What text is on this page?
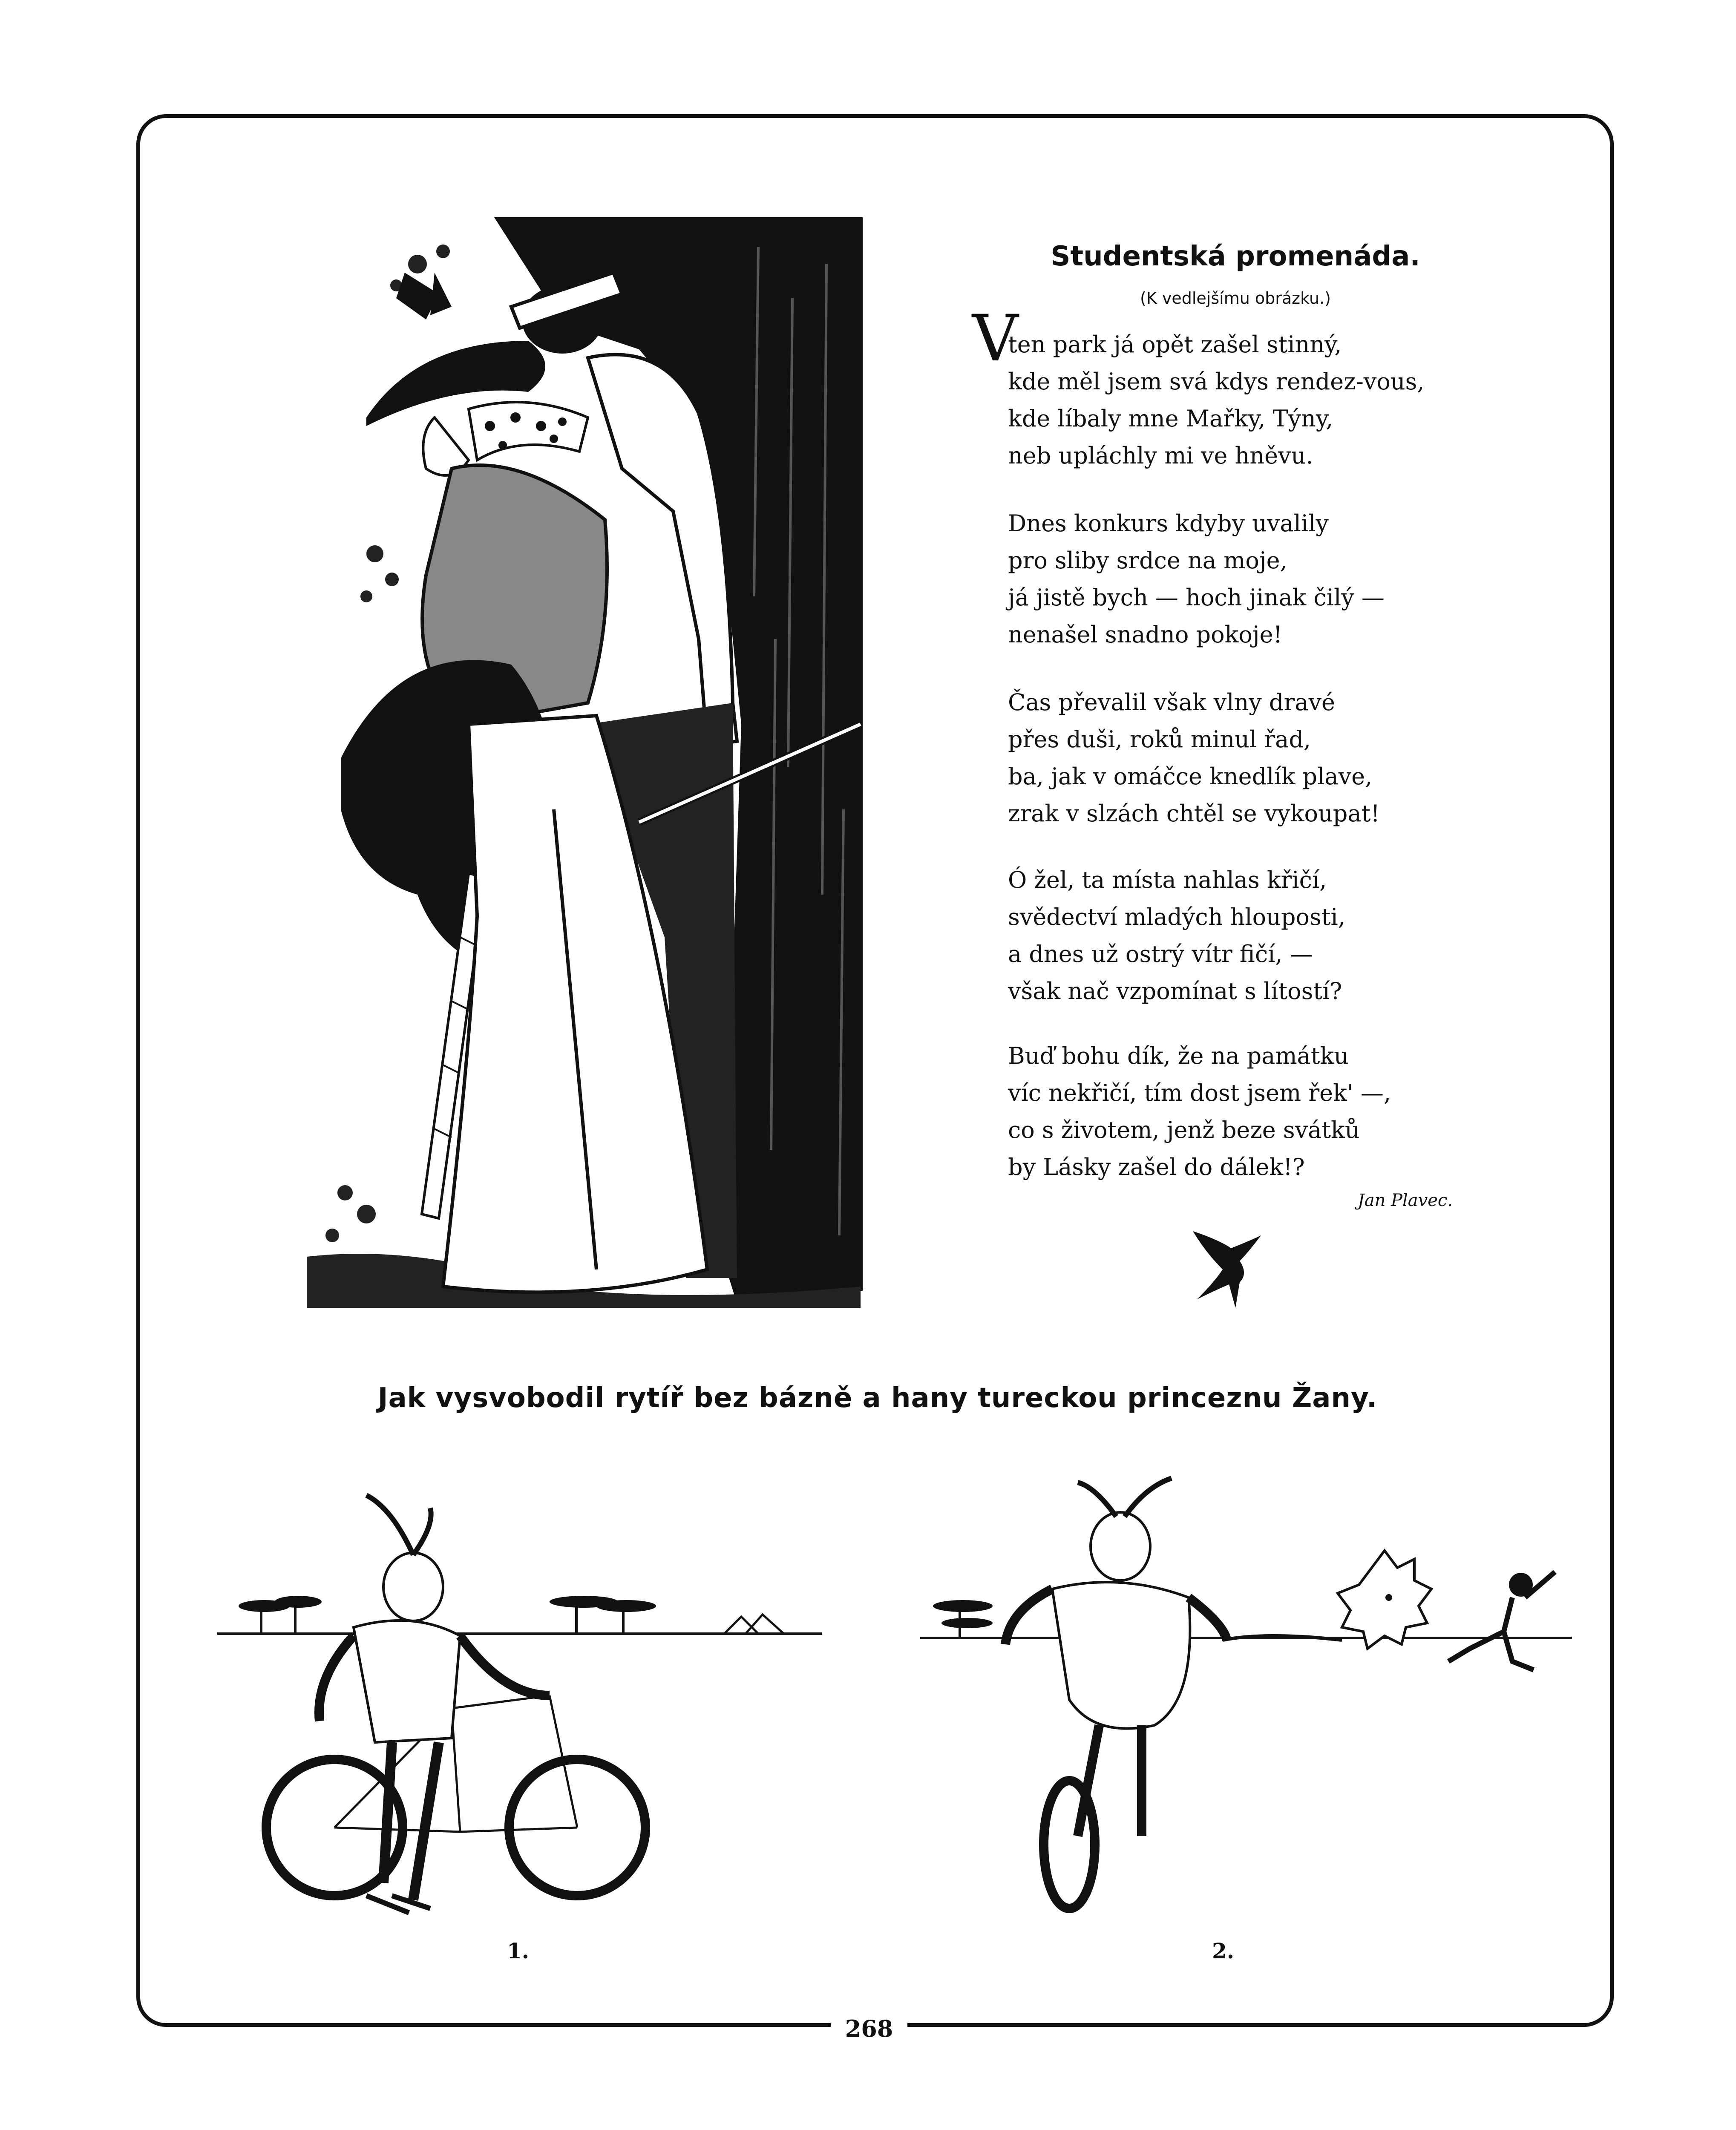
Studentská promenáda.
(K vedlejšímu obrázku.)
V
ten park já opět zašel stinný,
kde měl jsem svá kdys rendez-vous,
kde líbaly mne Mařky, Týny,
neb upláchly mi ve hněvu.
Dnes konkurs kdyby uvalily
pro sliby srdce na moje,
já jistě bych — hoch jinak čilý —
nenašel snadno pokoje!
Čas převalil však vlny dravé
přes duši, roků minul řad,
ba, jak v omáčce knedlík plave,
zrak v slzách chtěl se vykoupat!
Ó žel, ta místa nahlas křičí,
svědectví mladých hlouposti,
a dnes už ostrý vítr fičí, —
však nač vzpomínat s lítostí?
Buď bohu dík, že na památku
víc nekřičí, tím dost jsem řek' —,
co s životem, jenž beze svátků
by Lásky zašel do dálek!?
Jan Plavec.
Jak vysvobodil rytíř bez bázně a hany tureckou princeznu Žany.
1.	2.
268
